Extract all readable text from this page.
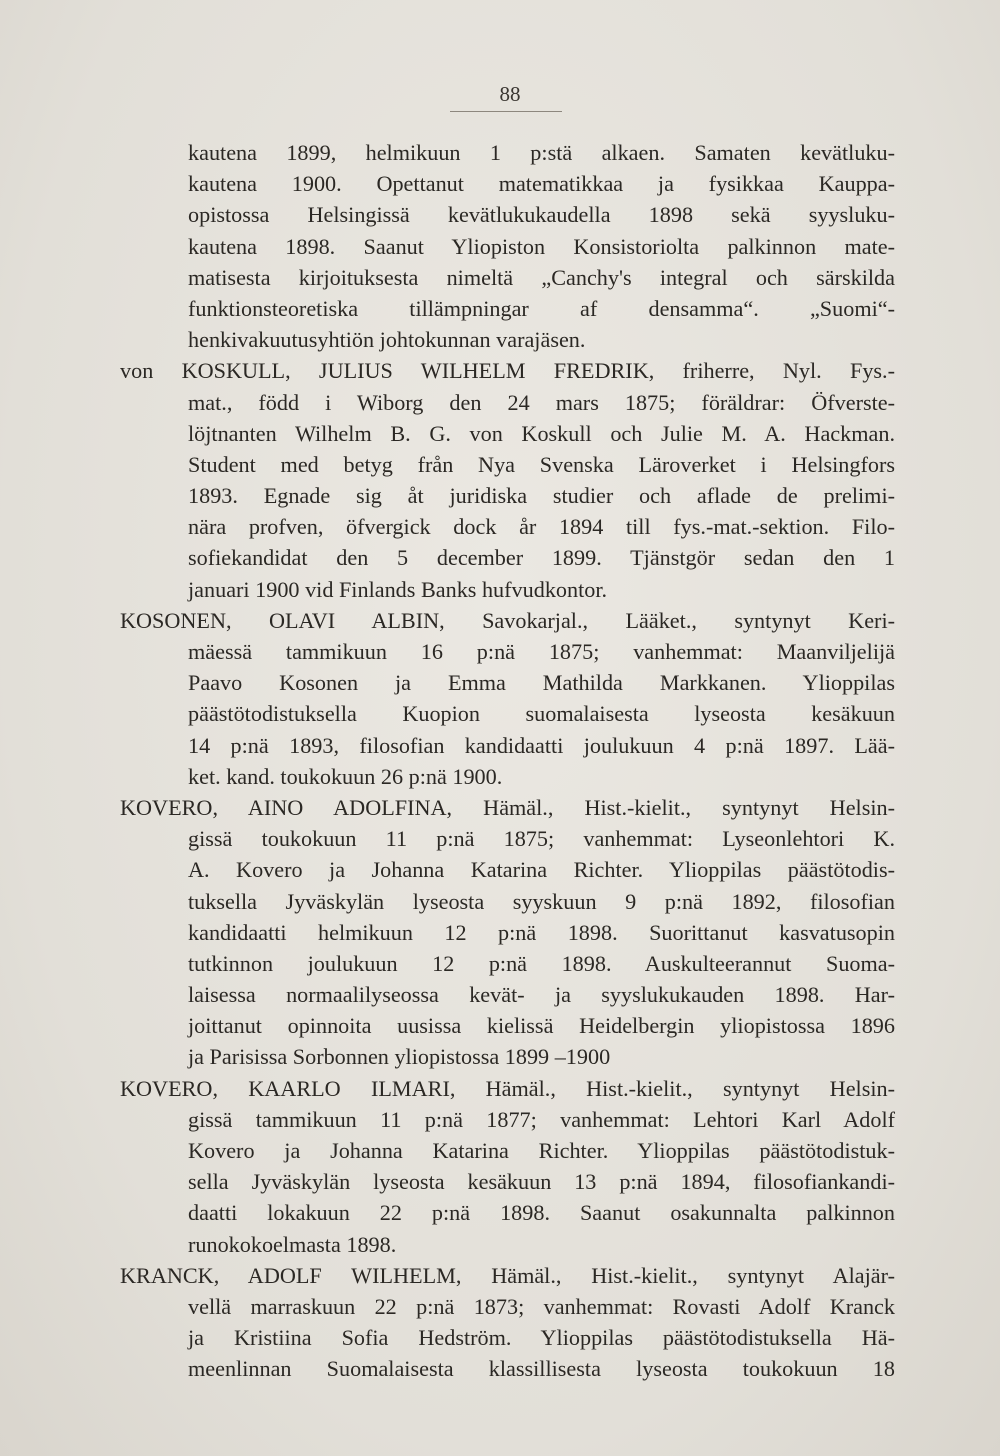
88
kautena 1899, helmikuun 1 p:stä alkaen. Samaten kevätluku-
kautena 1900. Opettanut matematikkaa ja fysikkaa Kauppa-
opistossa Helsingissä kevätlukukaudella 1898 sekä syysluku-
kautena 1898. Saanut Yliopiston Konsistoriolta palkinnon mate-
matisesta kirjoituksesta nimeltä „Canchy's integral och särskilda
funktionsteoretiska tillämpningar af densamma“. „Suomi“-
henkivakuutusyhtiön johtokunnan varajäsen.
von KOSKULL, JULIUS WILHELM FREDRIK, friherre, Nyl. Fys.-
mat., född i Wiborg den 24 mars 1875; föräldrar: Öfverste-
löjtnanten Wilhelm B. G. von Koskull och Julie M. A. Hackman.
Student med betyg från Nya Svenska Läroverket i Helsingfors
1893. Egnade sig åt juridiska studier och aflade de prelimi-
nära profven, öfvergick dock år 1894 till fys.-mat.-sektion. Filo-
sofiekandidat den 5 december 1899. Tjänstgör sedan den 1
januari 1900 vid Finlands Banks hufvudkontor.
KOSONEN, OLAVI ALBIN, Savokarjal., Lääket., syntynyt Keri-
mäessä tammikuun 16 p:nä 1875; vanhemmat: Maanviljelijä
Paavo Kosonen ja Emma Mathilda Markkanen. Ylioppilas
päästötodistuksella Kuopion suomalaisesta lyseosta kesäkuun
14 p:nä 1893, filosofian kandidaatti joulukuun 4 p:nä 1897. Lää-
ket. kand. toukokuun 26 p:nä 1900.
KOVERO, AINO ADOLFINA, Hämäl., Hist.-kielit., syntynyt Helsin-
gissä toukokuun 11 p:nä 1875; vanhemmat: Lyseonlehtori K.
A. Kovero ja Johanna Katarina Richter. Ylioppilas päästötodis-
tuksella Jyväskylän lyseosta syyskuun 9 p:nä 1892, filosofian
kandidaatti helmikuun 12 p:nä 1898. Suorittanut kasvatusopin
tutkinnon joulukuun 12 p:nä 1898. Auskulteerannut Suoma-
laisessa normaalilyseossa kevät- ja syyslukukauden 1898. Har-
joittanut opinnoita uusissa kielissä Heidelbergin yliopistossa 1896
ja Parisissa Sorbonnen yliopistossa 1899 –1900
KOVERO, KAARLO ILMARI, Hämäl., Hist.-kielit., syntynyt Helsin-
gissä tammikuun 11 p:nä 1877; vanhemmat: Lehtori Karl Adolf
Kovero ja Johanna Katarina Richter. Ylioppilas päästötodistuk-
sella Jyväskylän lyseosta kesäkuun 13 p:nä 1894, filosofiankandi-
daatti lokakuun 22 p:nä 1898. Saanut osakunnalta palkinnon
runokokoelmasta 1898.
KRANCK, ADOLF WILHELM, Hämäl., Hist.-kielit., syntynyt Alajär-
vellä marraskuun 22 p:nä 1873; vanhemmat: Rovasti Adolf Kranck
ja Kristiina Sofia Hedström. Ylioppilas päästötodistuksella Hä-
meenlinnan Suomalaisesta klassillisesta lyseosta toukokuun 18
